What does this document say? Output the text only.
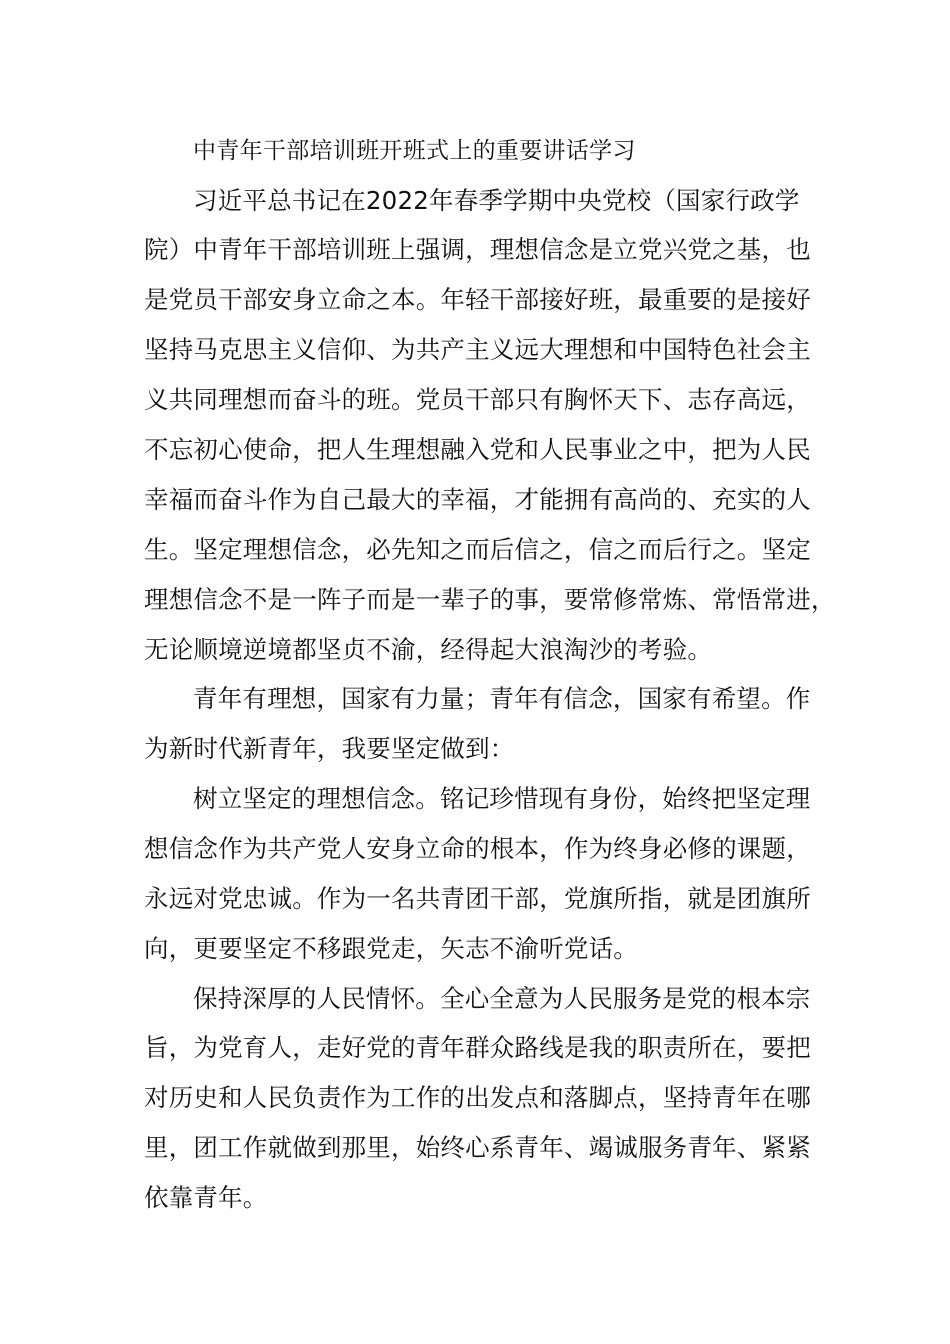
中青年干部培训班开班式上的重要讲话学习
习近平总书记在2022年春季学期中央党校（国家行政学
院）中青年干部培训班上强调，理想信念是立党兴党之基，也
是党员干部安身立命之本。年轻干部接好班，最重要的是接好
坚持马克思主义信仰、为共产主义远大理想和中国特色社会主
义共同理想而奋斗的班。党员干部只有胸怀天下、志存高远，
不忘初心使命，把人生理想融入党和人民事业之中，把为人民
幸福而奋斗作为自己最大的幸福，才能拥有高尚的、充实的人
生。坚定理想信念，必先知之而后信之，信之而后行之。坚定
理想信念不是一阵子而是一辈子的事，要常修常炼、常悟常进，
无论顺境逆境都坚贞不渝，经得起大浪淘沙的考验。
青年有理想，国家有力量；青年有信念，国家有希望。作
为新时代新青年，我要坚定做到：
树立坚定的理想信念。铭记珍惜现有身份，始终把坚定理
想信念作为共产党人安身立命的根本，作为终身必修的课题，
永远对党忠诚。作为一名共青团干部，党旗所指，就是团旗所
向，更要坚定不移跟党走，矢志不渝听党话。
保持深厚的人民情怀。全心全意为人民服务是党的根本宗
旨，为党育人，走好党的青年群众路线是我的职责所在，要把
对历史和人民负责作为工作的出发点和落脚点，坚持青年在哪
里，团工作就做到那里，始终心系青年、竭诚服务青年、紧紧
依靠青年。
